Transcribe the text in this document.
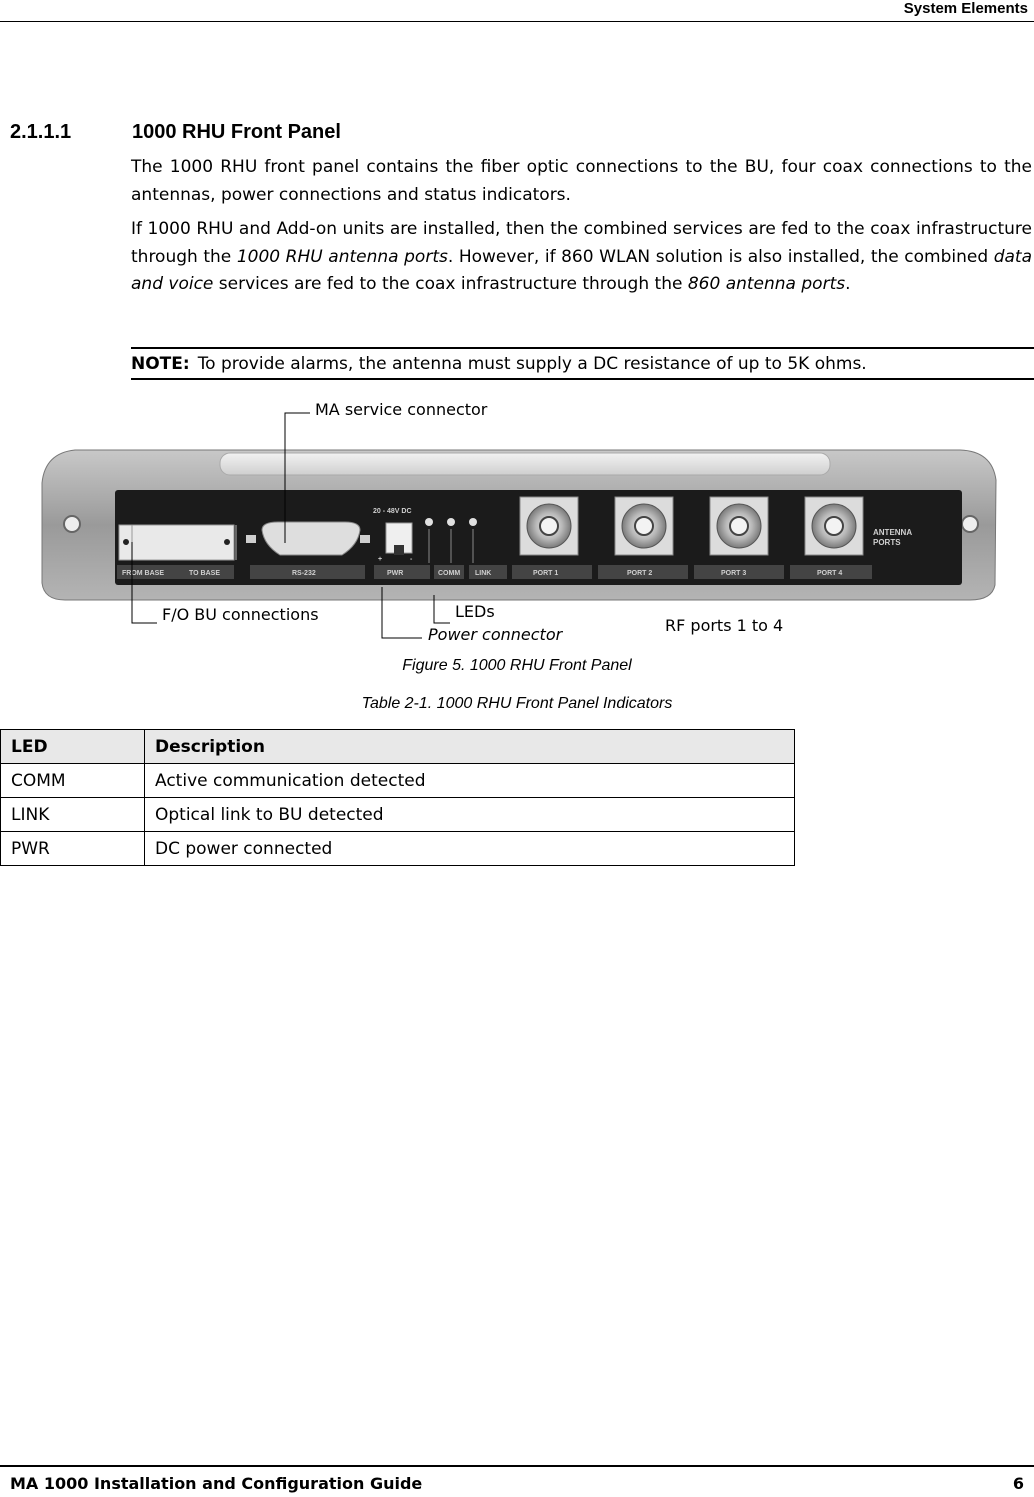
System Elements
2.1.1.1	1000 RHU Front Panel

The 1000 RHU front panel contains the fiber optic connections to the BU, four coax connections to the antennas, power connections and status indicators.

If 1000 RHU and Add-on units are installed, then the combined services are fed to the coax infrastructure through the 1000 RHU antenna ports. However, if 860 WLAN solution is also installed, the combined data and voice services are fed to the coax infrastructure through the 860 antenna ports.

NOTE: To provide alarms, the antenna must supply a DC resistance of up to 5K ohms.
FROM BASE	TO BASE	RS-232
20 - 48V DC
+	-
PWR	COMM LINK	PORT 1	PORT 2	PORT 3	PORT 4
ANTENNA
PORTS
MA service connector
F/O BU connections	LEDs
Power connector	RF ports 1 to 4
Figure 5. 1000 RHU Front Panel
Table 2-1. 1000 RHU Front Panel Indicators
LED	Description
COMM	Active communication detected
LINK	Optical link to BU detected
PWR	DC power connected
MA 1000 Installation and Configuration Guide	6
